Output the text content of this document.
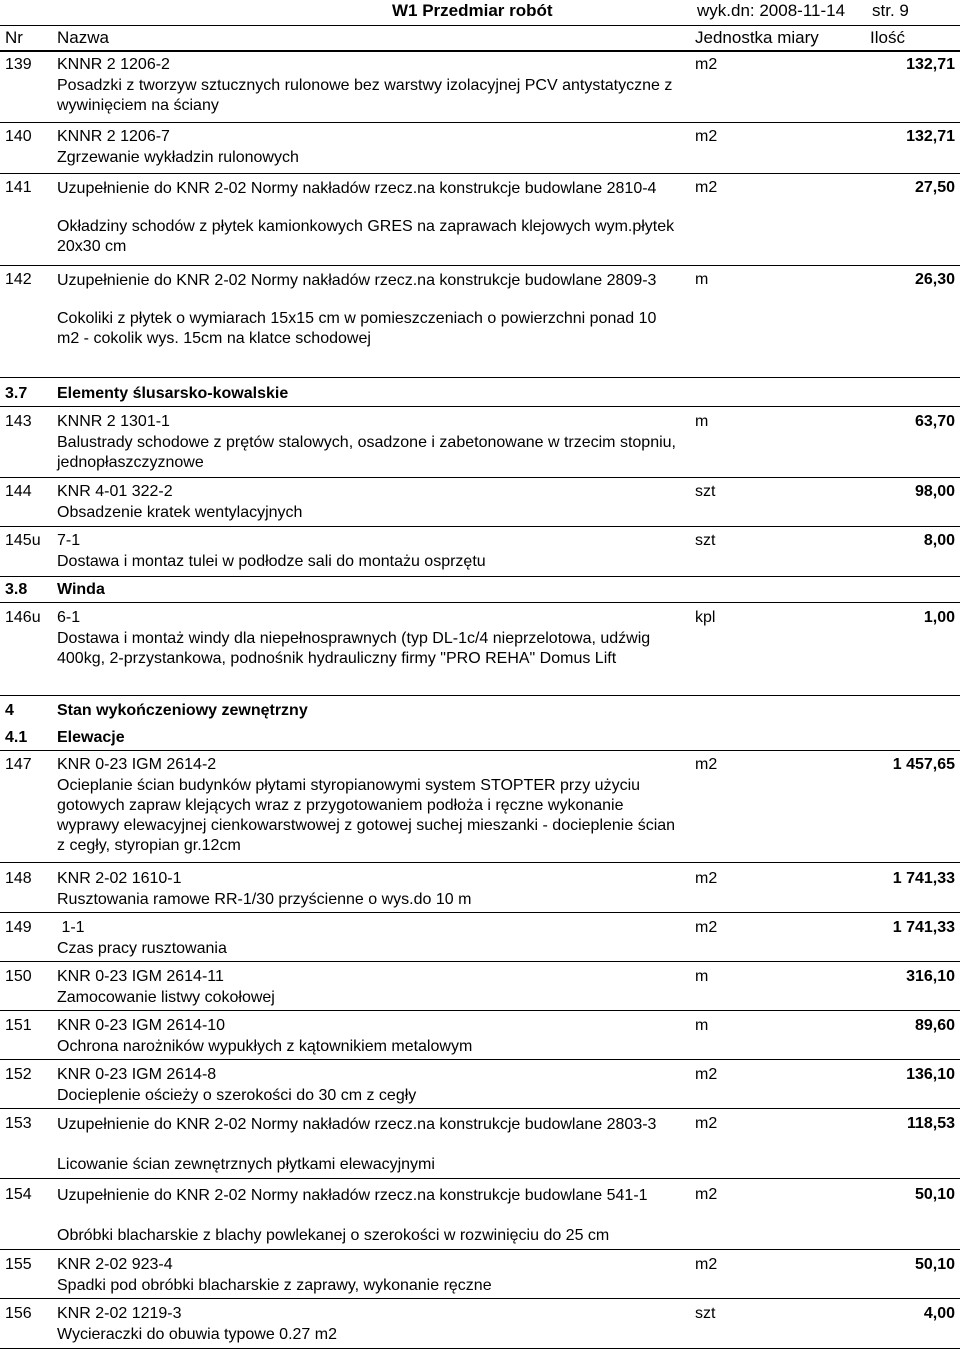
W1 Przedmiar robót	wyk.dn: 2008-11-14 str. 9
Nr Nazwa	Jednostka miary	Ilość
139 KNNR 2 1206-2
Posadzki z tworzyw sztucznych rulonowe bez warstwy izolacyjnej PCV antystatyczne z wywinięciem na ściany
m2	132,71
140 KNNR 2 1206-7
Zgrzewanie wykładzin rulonowych
m2	132,71
141 Uzupełnienie do KNR 2-02 Normy nakładów rzecz.na konstrukcje budowlane 2810-4
Okładziny schodów z płytek kamionkowych GRES na zaprawach klejowych wym.płytek 20x30 cm
m2	27,50
142 Uzupełnienie do KNR 2-02 Normy nakładów rzecz.na konstrukcje budowlane 2809-3
Cokoliki z płytek o wymiarach 15x15 cm w pomieszczeniach o powierzchni ponad 10 m2 - cokolik wys. 15cm na klatce schodowej
m	26,30
3.7 Elementy ślusarsko-kowalskie
143 KNNR 2 1301-1
Balustrady schodowe z prętów stalowych, osadzone i zabetonowane w trzecim stopniu, jednopłaszczyznowe
m	63,70
144 KNR 4-01 322-2
Obsadzenie kratek wentylacyjnych
szt	98,00
145u 7-1
Dostawa i montaz tulei w podłodze sali do montażu osprzętu
szt	8,00
3.8 Winda
146u 6-1
Dostawa i montaż windy dla niepełnosprawnych (typ DL-1c/4 nieprzelotowa, udźwig 400kg, 2-przystankowa, podnośnik hydrauliczny firmy "PRO REHA" Domus Lift
kpl	1,00
4	Stan wykończeniowy zewnętrzny
4.1 Elewacje
147 KNR 0-23 IGM 2614-2
Ocieplanie ścian budynków płytami styropianowymi system STOPTER przy użyciu gotowych zapraw klejących wraz z przygotowaniem podłoża i ręczne wykonanie wyprawy elewacyjnej cienkowarstwowej z gotowej suchej mieszanki - docieplenie ścian z cegły, styropian gr.12cm
m2	1 457,65
148 KNR 2-02 1610-1
Rusztowania ramowe RR-1/30 przyścienne o wys.do 10 m
m2	1 741,33
149 1-1
Czas pracy rusztowania
m2	1 741,33
150 KNR 0-23 IGM 2614-11
Zamocowanie listwy cokołowej
m	316,10
151 KNR 0-23 IGM 2614-10
Ochrona narożników wypukłych z kątownikiem metalowym
m	89,60
152 KNR 0-23 IGM 2614-8
Docieplenie ościeży o szerokości do 30 cm z cegły
m2	136,10
153 Uzupełnienie do KNR 2-02 Normy nakładów rzecz.na konstrukcje budowlane 2803-3
Licowanie ścian zewnętrznych płytkami elewacyjnymi
m2	118,53
154 Uzupełnienie do KNR 2-02 Normy nakładów rzecz.na konstrukcje budowlane 541-1
Obróbki blacharskie z blachy powlekanej o szerokości w rozwinięciu do 25 cm
m2	50,10
155 KNR 2-02 923-4
Spadki pod obróbki blacharskie z zaprawy, wykonanie ręczne
m2	50,10
156 KNR 2-02 1219-3
Wycieraczki do obuwia typowe 0.27 m2
szt	4,00
